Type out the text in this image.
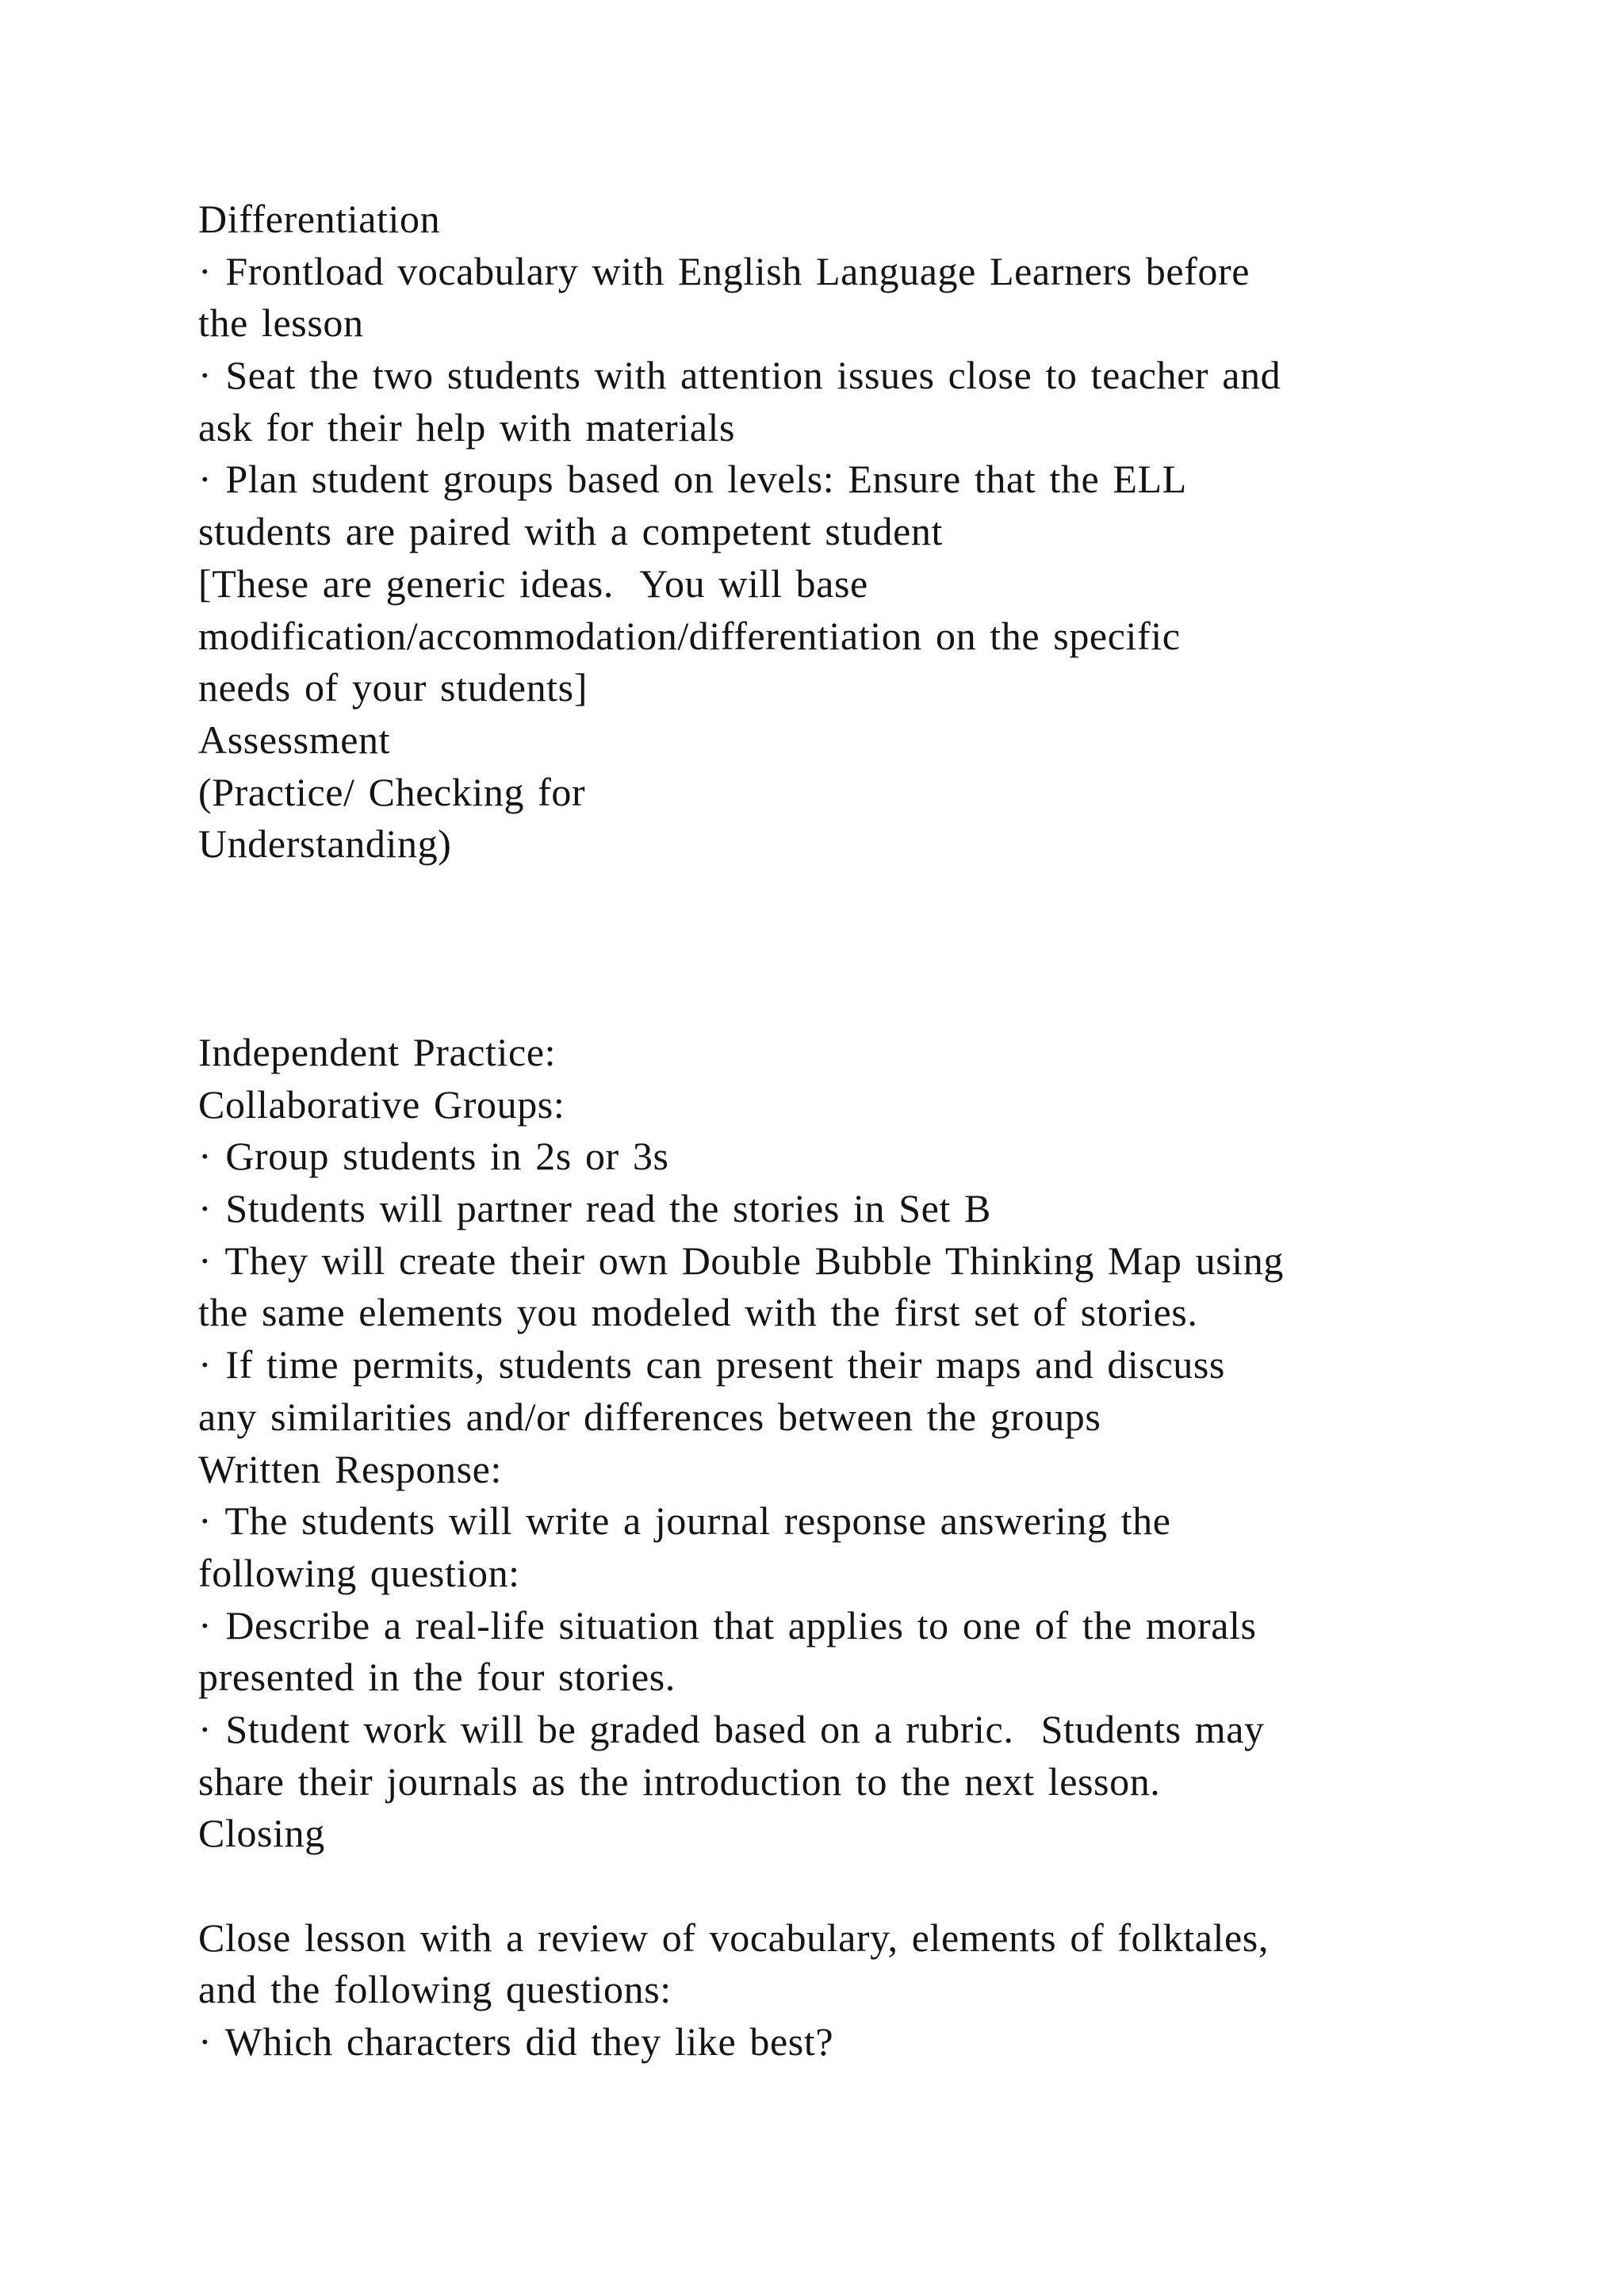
Differentiation
· Frontload vocabulary with English Language Learners before
the lesson
· Seat the two students with attention issues close to teacher and
ask for their help with materials
· Plan student groups based on levels: Ensure that the ELL
students are paired with a competent student
[These are generic ideas.  You will base
modification/accommodation/differentiation on the specific
needs of your students]
Assessment
(Practice/ Checking for
Understanding)
Independent Practice:
Collaborative Groups:
· Group students in 2s or 3s
· Students will partner read the stories in Set B
· They will create their own Double Bubble Thinking Map using
the same elements you modeled with the first set of stories.
· If time permits, students can present their maps and discuss
any similarities and/or differences between the groups
Written Response:
· The students will write a journal response answering the
following question:
· Describe a real-life situation that applies to one of the morals
presented in the four stories.
· Student work will be graded based on a rubric.  Students may
share their journals as the introduction to the next lesson.
Closing
Close lesson with a review of vocabulary, elements of folktales,
and the following questions:
· Which characters did they like best?
